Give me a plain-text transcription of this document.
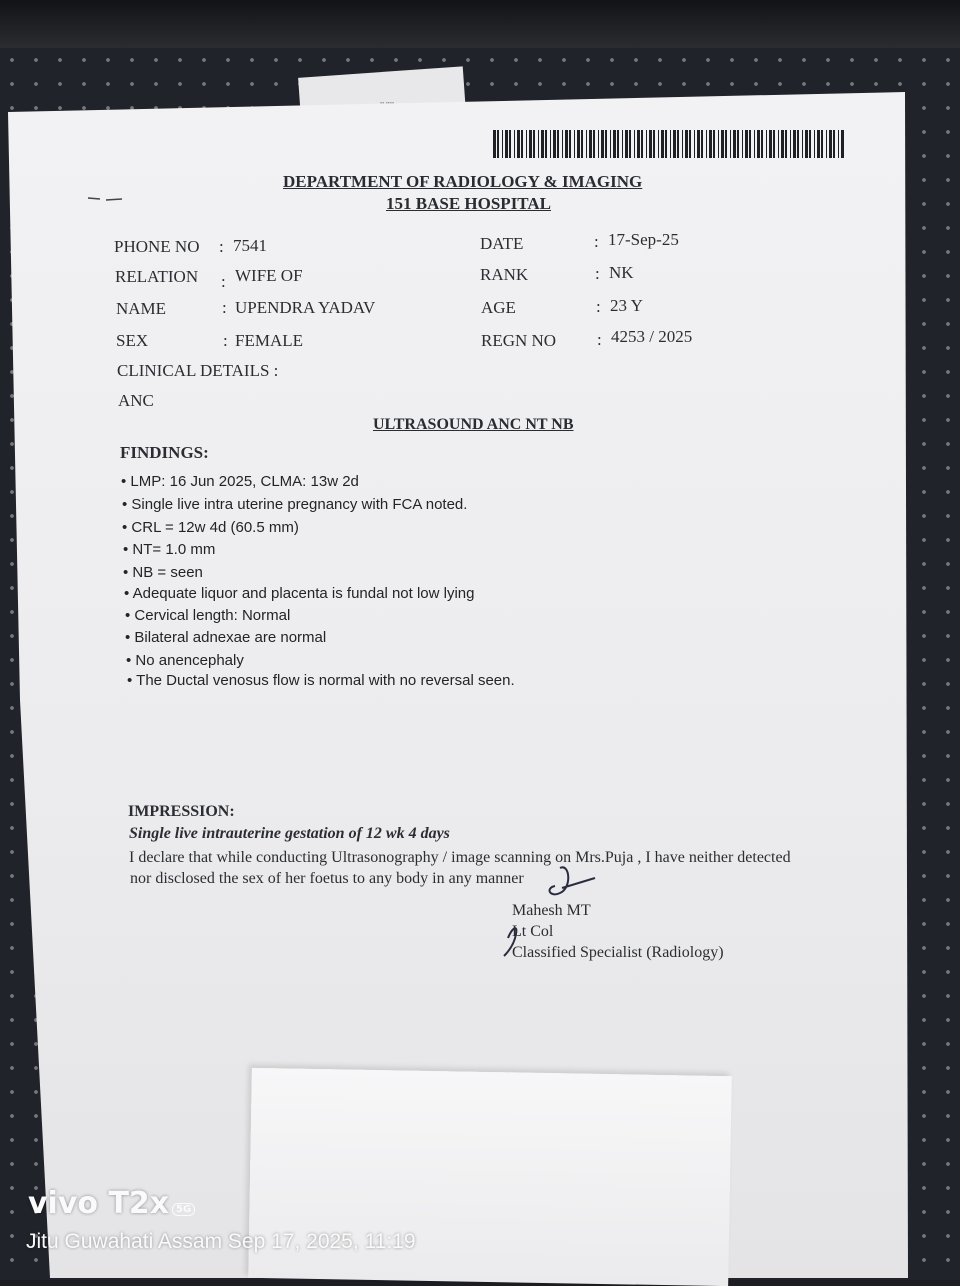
DEPARTMENT OF RADIOLOGY & IMAGING
151 BASE HOSPITAL
PHONE NO : 7541
RELATION : WIFE OF
NAME	: UPENDRA YADAV
SEX	: FEMALE
DATE	: 17-Sep-25
RANK	: NK
AGE	: 23 Y
REGN NO : 4253 / 2025
CLINICAL DETAILS :
ANC
ULTRASOUND ANC NT NB
FINDINGS:
• LMP: 16 Jun 2025, CLMA: 13w 2d
• Single live intra uterine pregnancy with FCA noted.
• CRL = 12w 4d (60.5 mm)
• NT= 1.0 mm
• NB = seen
• Adequate liquor and placenta is fundal not low lying
• Cervical length: Normal
• Bilateral adnexae are normal
• No anencephaly
• The Ductal venosus flow is normal with no reversal seen.
IMPRESSION:
Single live intrauterine gestation of 12 wk 4 days
I declare that while conducting Ultrasonography / image scanning on Mrs.Puja , I have neither detected
nor disclosed the sex of her foetus to any body in any manner
Mahesh MT
Lt Col
Classified Specialist (Radiology)
•• ••••
vivo T2x 5G
Jitu Guwahati Assam Sep 17, 2025, 11:19
